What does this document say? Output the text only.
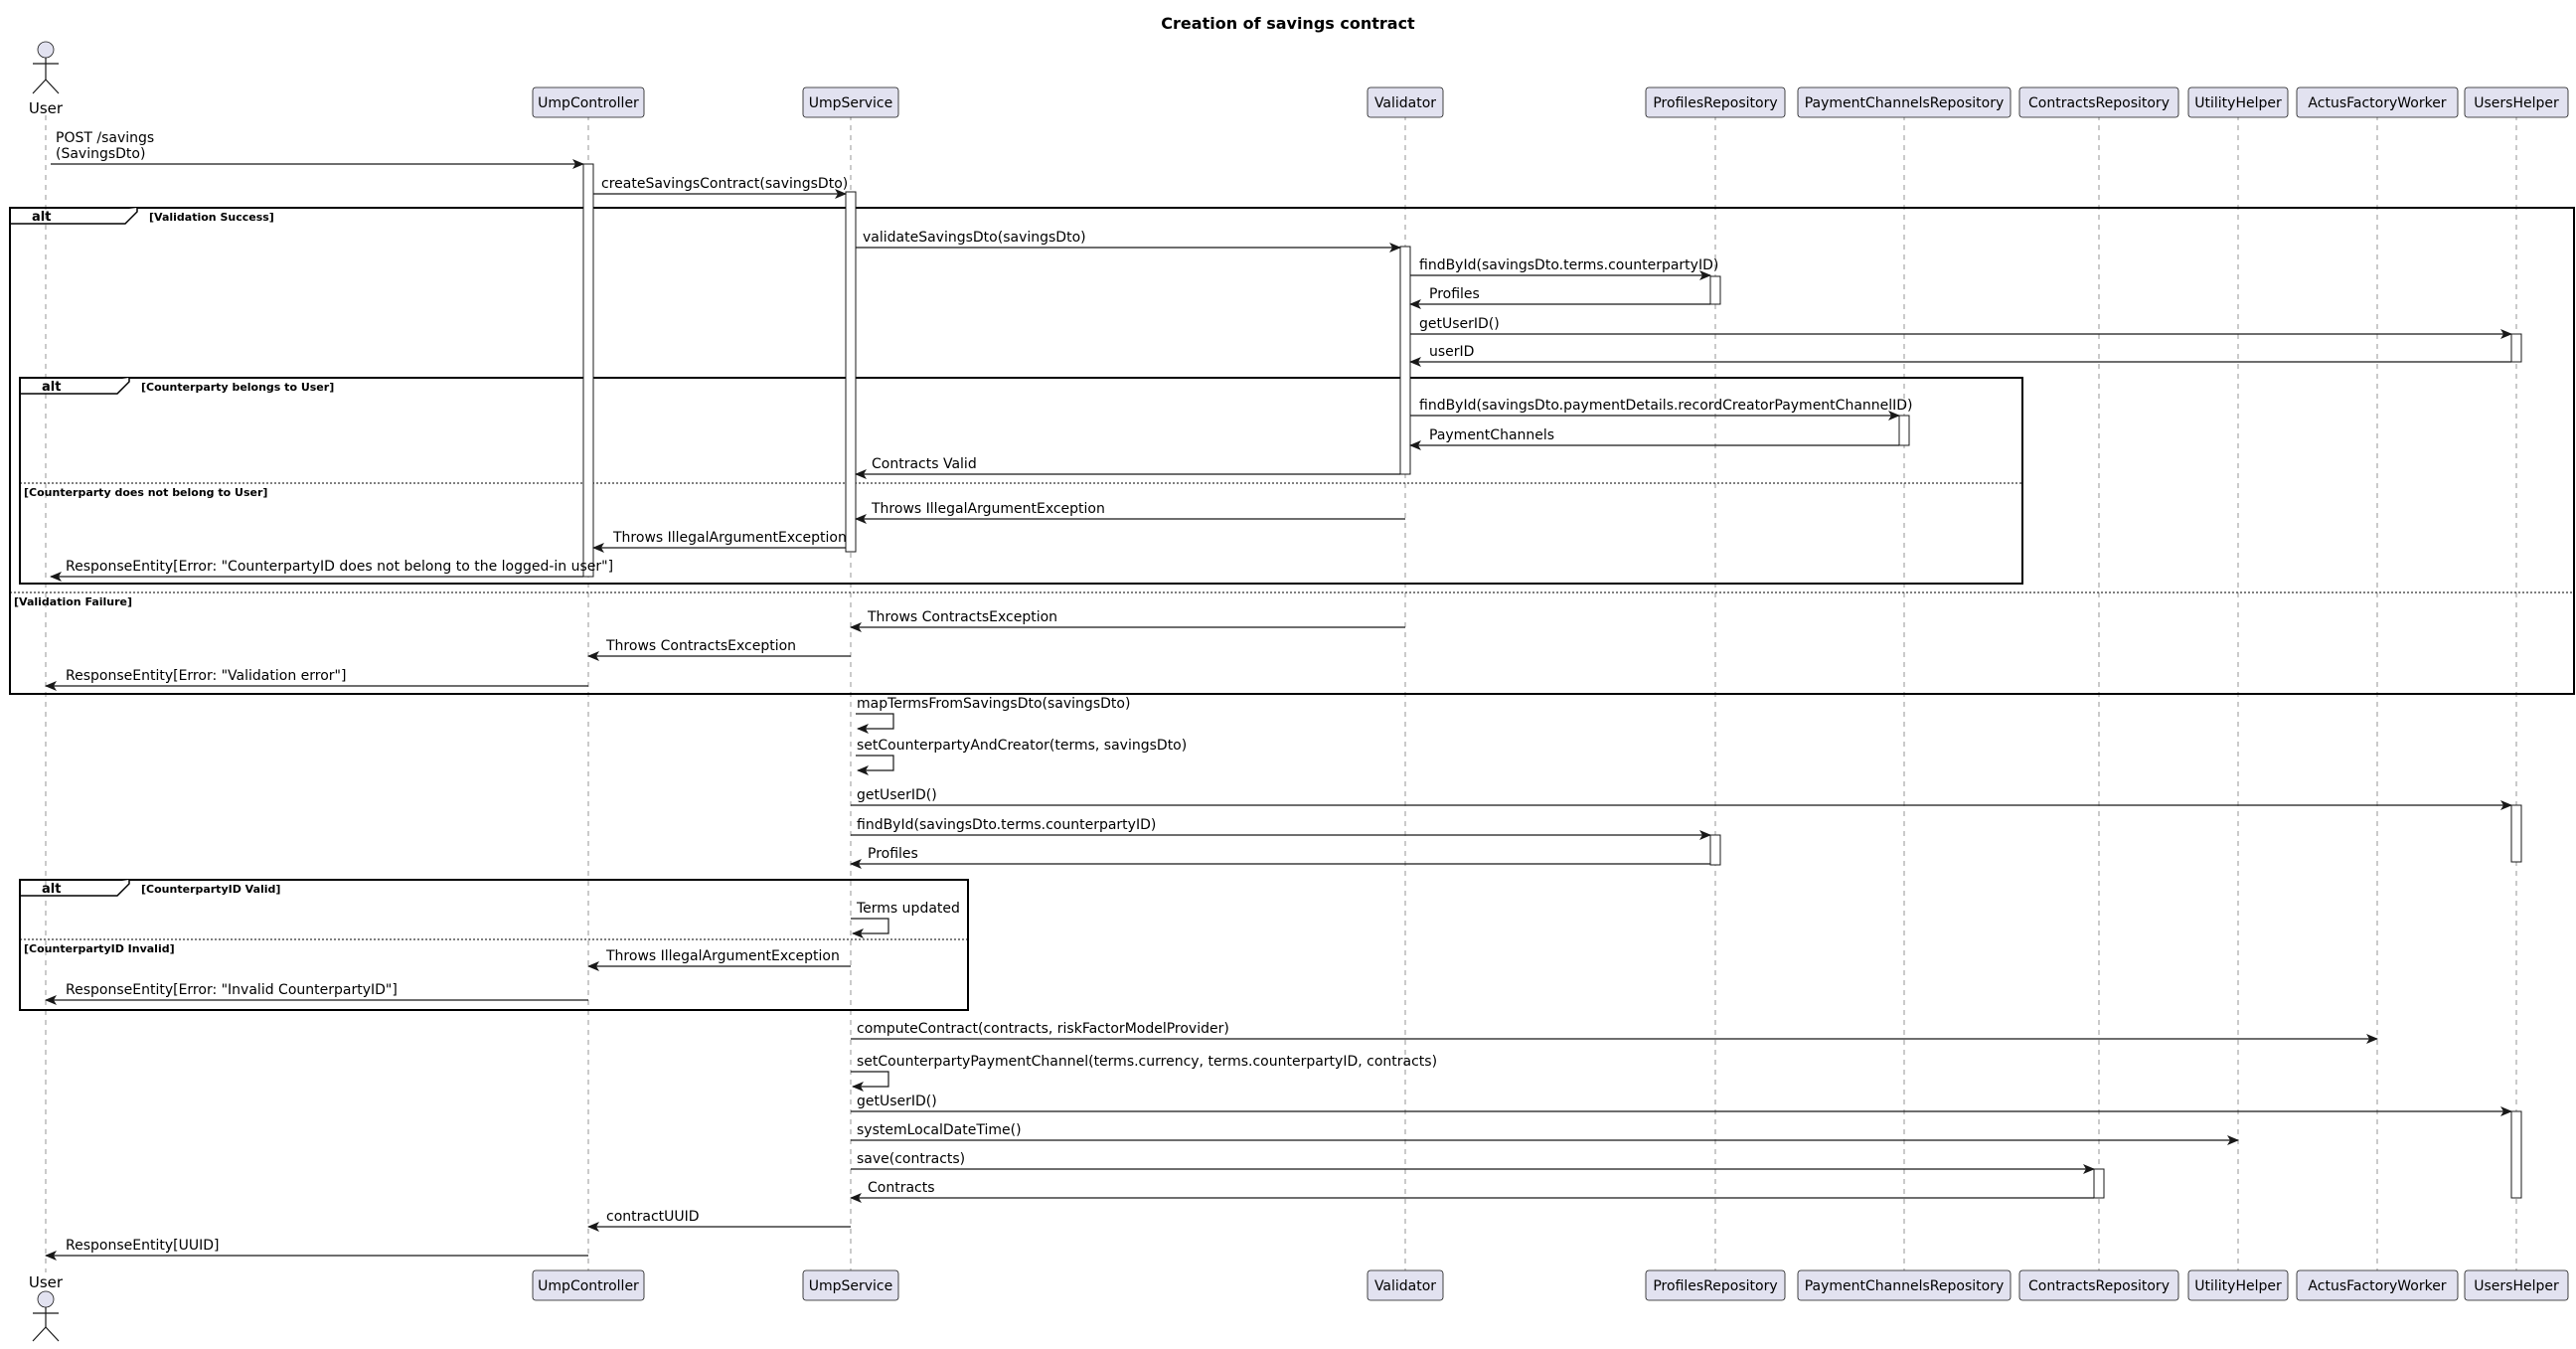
Creation of savings contract
alt	[Validation Success]
[Validation Failure]
alt	[Counterparty belongs to User]
[Counterparty does not belong to User]
alt	[CounterpartyID Valid]
[CounterpartyID Invalid]
POST /savings
(SavingsDto)
createSavingsContract(savingsDto)
validateSavingsDto(savingsDto)
findById(savingsDto.terms.counterpartyID)
Profiles
getUserID()
userID
findById(savingsDto.paymentDetails.recordCreatorPaymentChannelID)
PaymentChannels
Contracts Valid
Throws IllegalArgumentException
Throws IllegalArgumentException
ResponseEntity[Error: "CounterpartyID does not belong to the logged-in user"]
Throws ContractsException
Throws ContractsException
ResponseEntity[Error: "Validation error"]
mapTermsFromSavingsDto(savingsDto)
setCounterpartyAndCreator(terms, savingsDto)
getUserID()
findById(savingsDto.terms.counterpartyID)
Profiles
Terms updated
Throws IllegalArgumentException
ResponseEntity[Error: "Invalid CounterpartyID"]
computeContract(contracts, riskFactorModelProvider)
setCounterpartyPaymentChannel(terms.currency, terms.counterpartyID, contracts)
getUserID()
systemLocalDateTime()
save(contracts)
Contracts
contractUUID
ResponseEntity[UUID]
User
User
UmpController
UmpController
UmpService
UmpService
Validator
Validator
ProfilesRepository
ProfilesRepository
PaymentChannelsRepository
PaymentChannelsRepository
ContractsRepository
ContractsRepository
UtilityHelper
UtilityHelper
ActusFactoryWorker
ActusFactoryWorker
UsersHelper
UsersHelper
